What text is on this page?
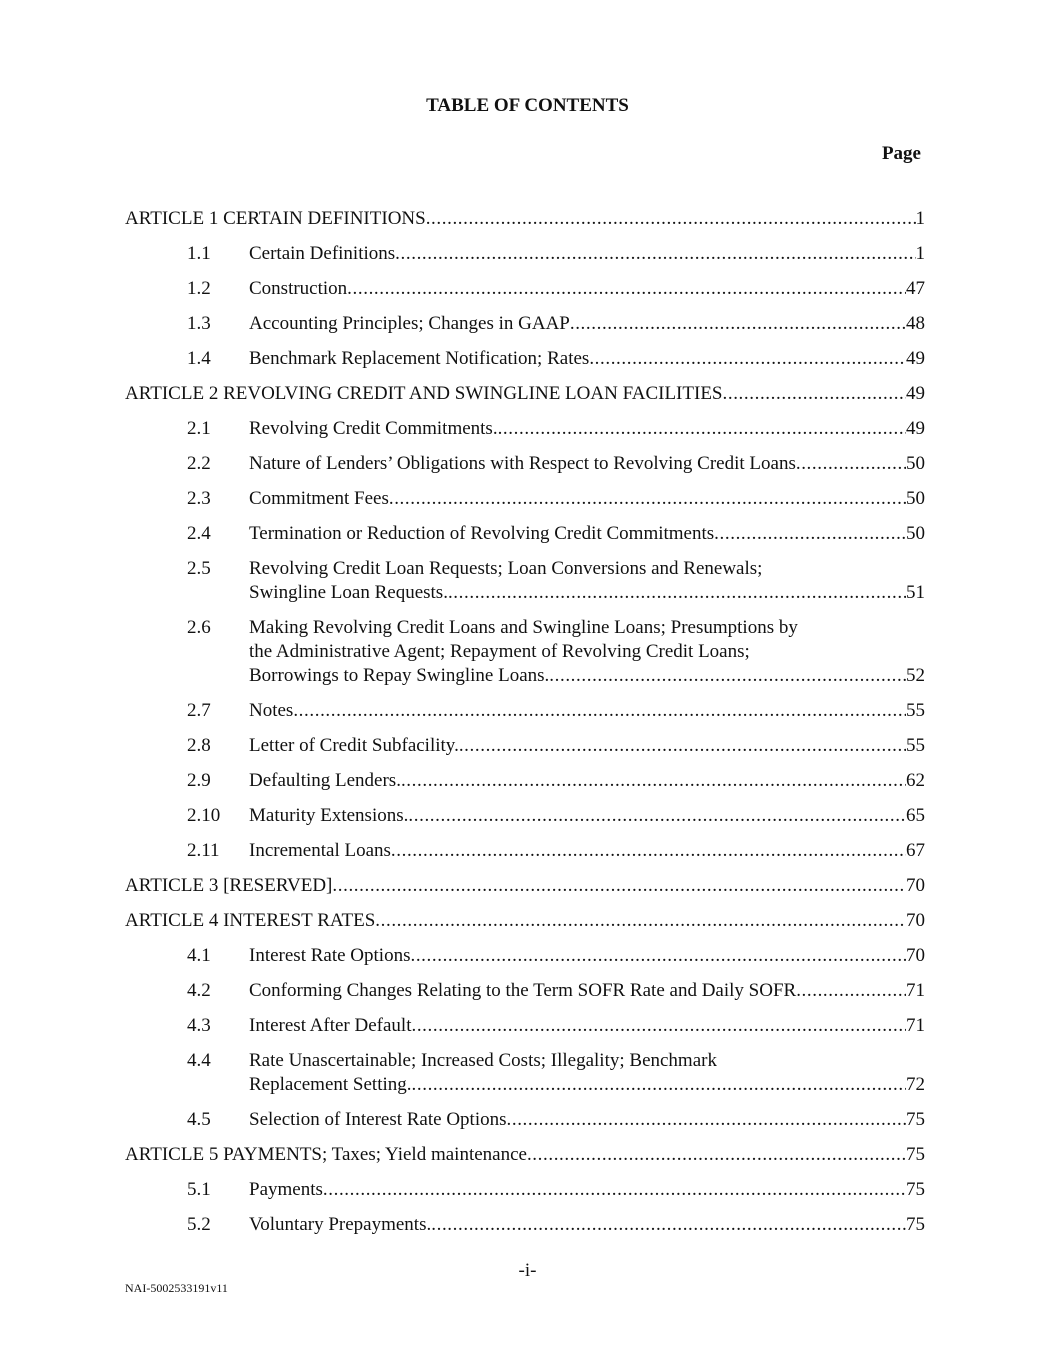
TABLE OF CONTENTS
Page
ARTICLE 1 CERTAIN DEFINITIONS .....	1
1.1	Certain Definitions .....	1
1.2	Construction .....	47
1.3	Accounting Principles; Changes in GAAP .....	48
1.4	Benchmark Replacement Notification; Rates .....	49
ARTICLE 2 REVOLVING CREDIT AND SWINGLINE LOAN FACILITIES .....	49
2.1	Revolving Credit Commitments. .....	49
2.2	Nature of Lenders’ Obligations with Respect to Revolving Credit Loans .....	50
2.3	Commitment Fees .....	50
2.4	Termination or Reduction of Revolving Credit Commitments .....	50
2.5	Revolving Credit Loan Requests; Loan Conversions and Renewals;
Swingline Loan Requests. .....	51
2.6	Making Revolving Credit Loans and Swingline Loans; Presumptions by
the Administrative Agent; Repayment of Revolving Credit Loans;
Borrowings to Repay Swingline Loans. .....	52
2.7	Notes .....	55
2.8	Letter of Credit Subfacility. .....	55
2.9	Defaulting Lenders. .....	62
2.10	Maturity Extensions. .....	65
2.11	Incremental Loans .....	67
ARTICLE 3 [RESERVED] .....	70
ARTICLE 4 INTEREST RATES .....	70
4.1	Interest Rate Options .....	70
4.2	Conforming Changes Relating to the Term SOFR Rate and Daily SOFR .....	71
4.3	Interest After Default .....	71
4.4	Rate Unascertainable; Increased Costs; Illegality; Benchmark
Replacement Setting. .....	72
4.5	Selection of Interest Rate Options .....	75
ARTICLE 5 PAYMENTS; Taxes; Yield maintenance .....	75
5.1	Payments .....	75
5.2	Voluntary Prepayments. .....	75
-i-
NAI-5002533191v11
